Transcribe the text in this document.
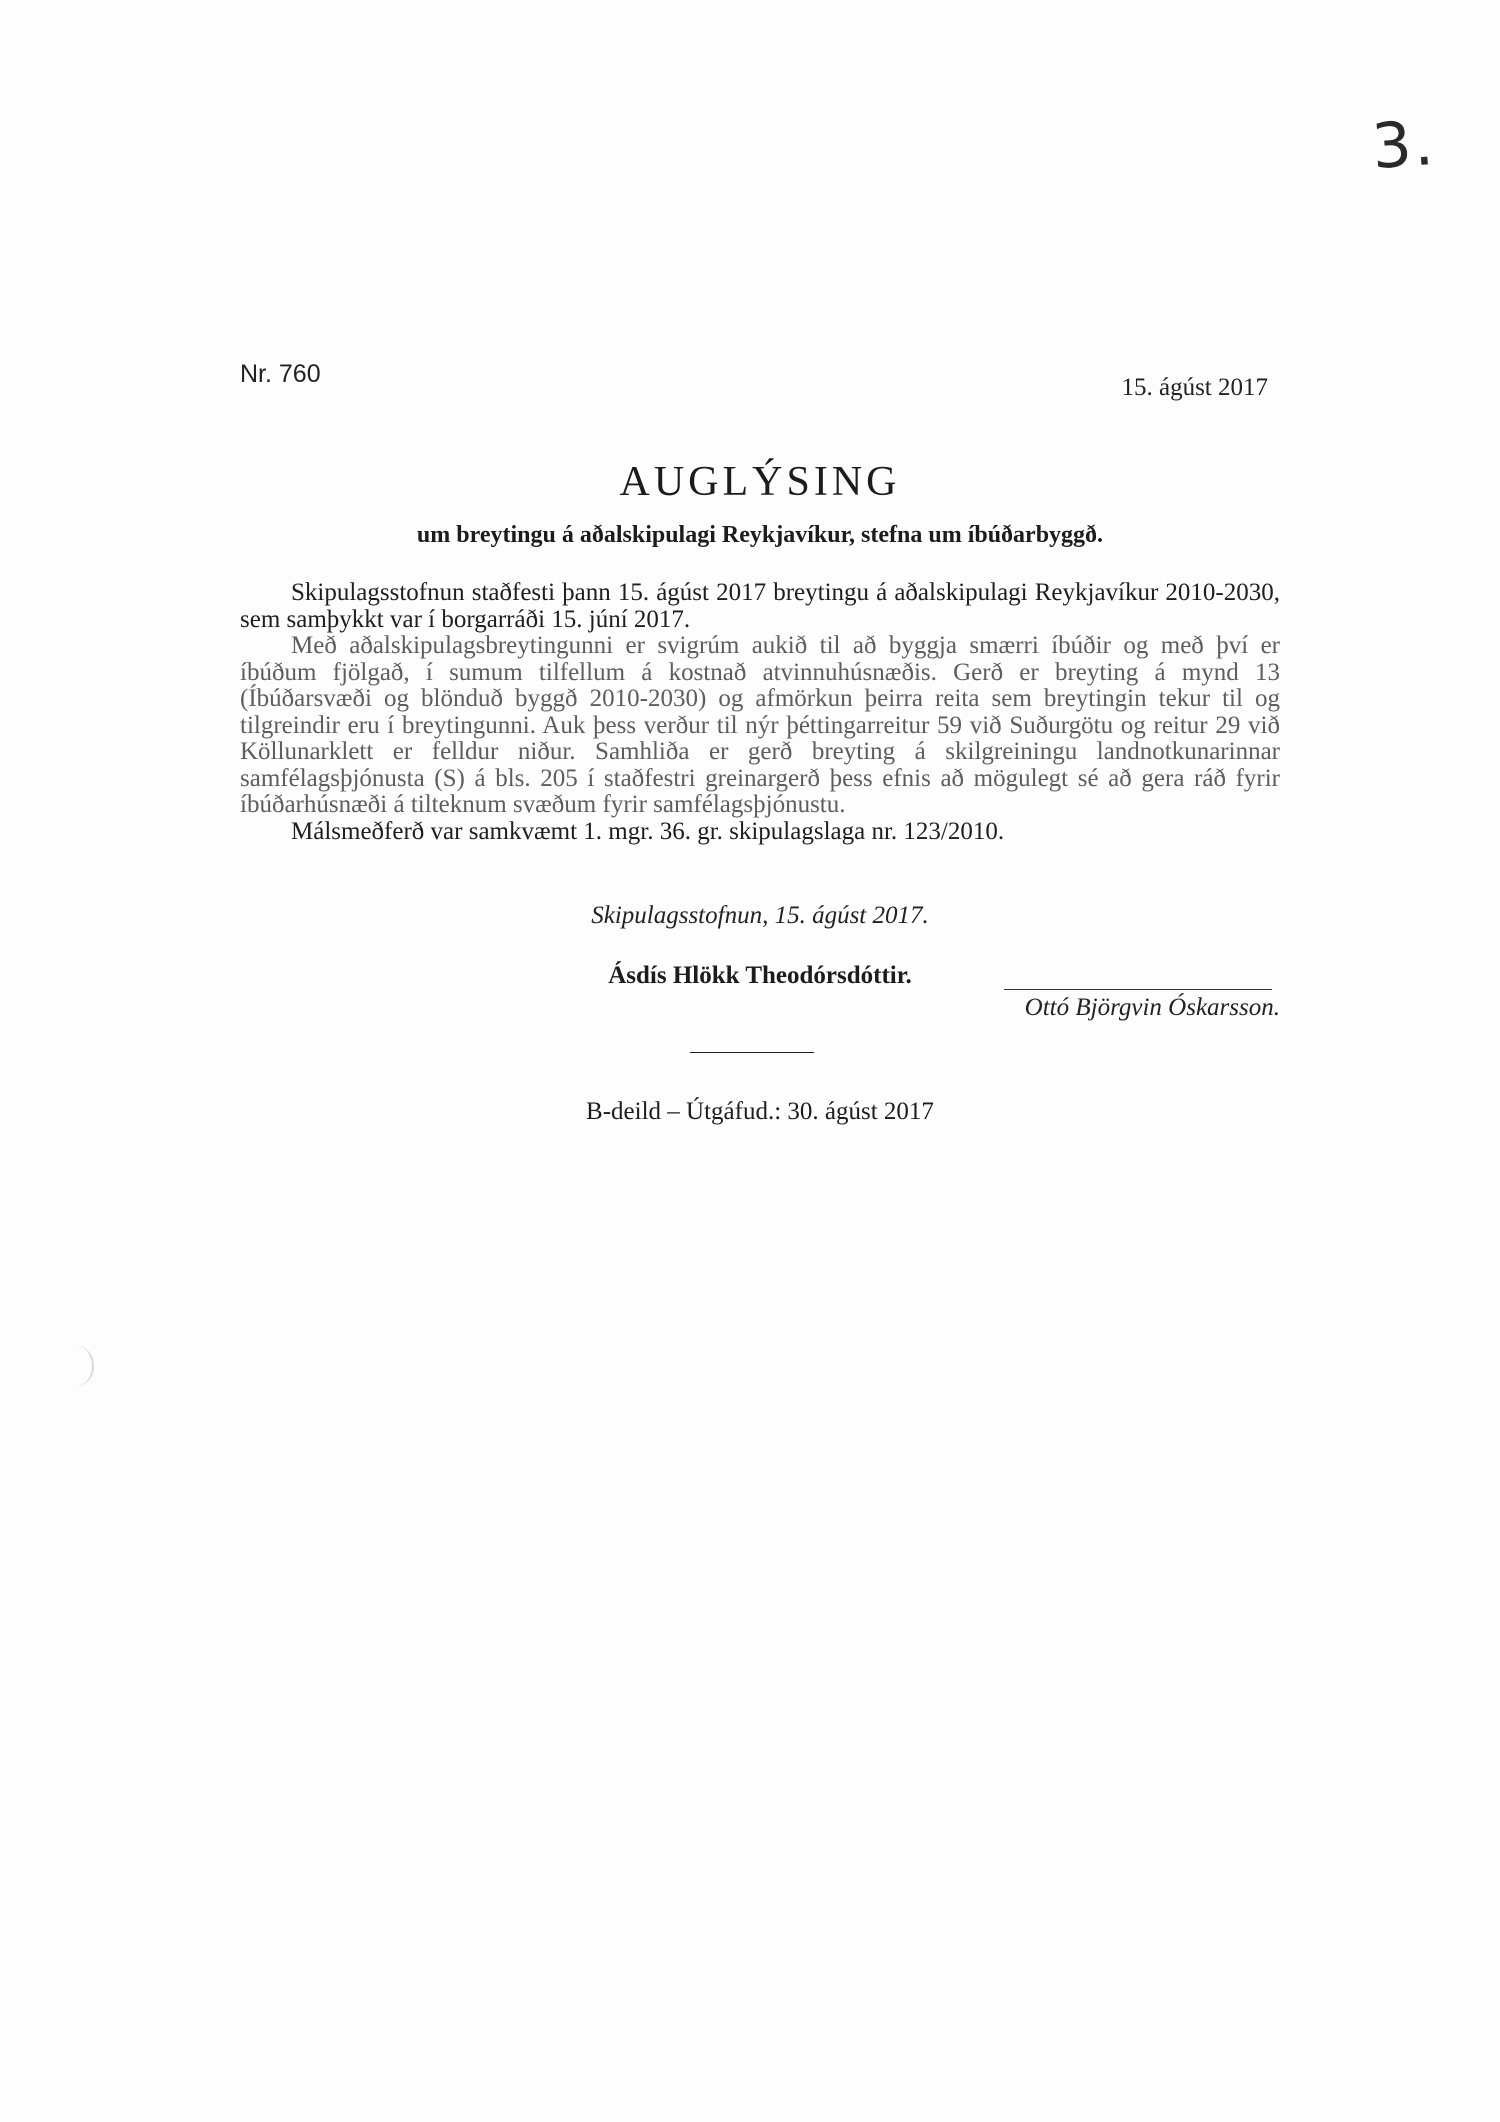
3.
Nr. 760	15. ágúst 2017
AUGLÝSING
um breytingu á aðalskipulagi Reykjavíkur, stefna um íbúðarbyggð.

Skipulagsstofnun staðfesti þann 15. ágúst 2017 breytingu á aðalskipulagi Reykjavíkur 2010-2030, sem samþykkt var í borgarráði 15. júní 2017.

Með aðalskipulagsbreytingunni er svigrúm aukið til að byggja smærri íbúðir og með því er íbúðum fjölgað, í sumum tilfellum á kostnað atvinnuhúsnæðis. Gerð er breyting á mynd 13 (Íbúðarsvæði og blönduð byggð 2010-2030) og afmörkun þeirra reita sem breytingin tekur til og tilgreindir eru í breytingunni. Auk þess verður til nýr þéttingarreitur 59 við Suðurgötu og reitur 29 við Köllunarklett er felldur niður. Samhliða er gerð breyting á skilgreiningu landnotkunarinnar samfélagsþjónusta (S) á bls. 205 í staðfestri greinargerð þess efnis að mögulegt sé að gera ráð fyrir íbúðarhúsnæði á tilteknum svæðum fyrir samfélagsþjónustu.

Málsmeðferð var samkvæmt 1. mgr. 36. gr. skipulagslaga nr. 123/2010.

Skipulagsstofnun, 15. ágúst 2017.
Ásdís Hlökk Theodórsdóttir.
Ottó Björgvin Óskarsson.
B-deild – Útgáfud.: 30. ágúst 2017
